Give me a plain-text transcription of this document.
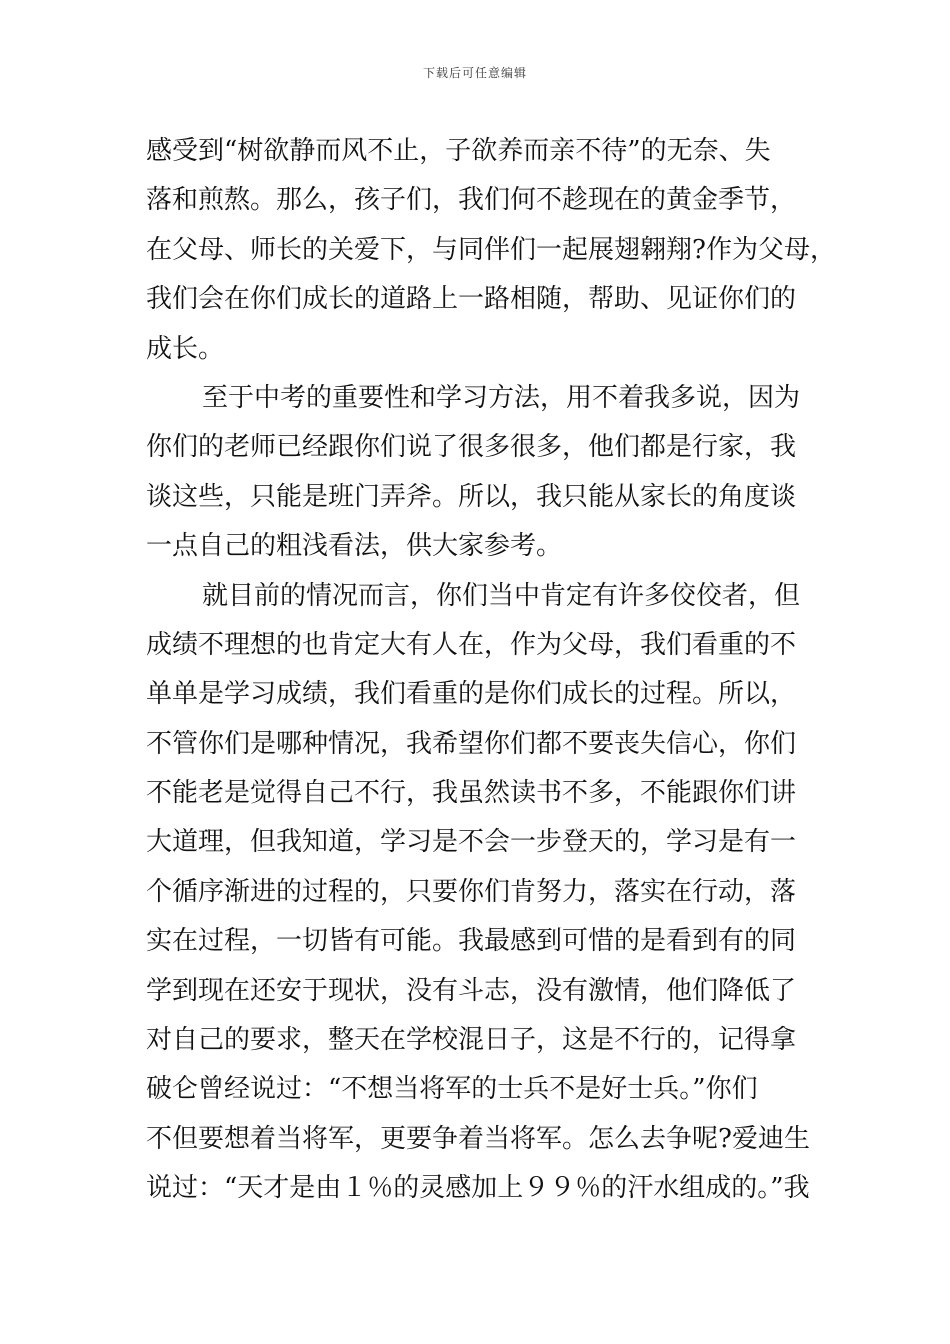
下载后可任意编辑
感受到“树欲静而风不止，子欲养而亲不待”的无奈、失
落和煎熬。那么，孩子们，我们何不趁现在的黄金季节，
在父母、师长的关爱下，与同伴们一起展翅翱翔?作为父母，
我们会在你们成长的道路上一路相随，帮助、见证你们的
成长。
至于中考的重要性和学习方法，用不着我多说，因为
你们的老师已经跟你们说了很多很多，他们都是行家，我
谈这些，只能是班门弄斧。所以，我只能从家长的角度谈
一点自己的粗浅看法，供大家参考。
就目前的情况而言，你们当中肯定有许多佼佼者，但
成绩不理想的也肯定大有人在，作为父母，我们看重的不
单单是学习成绩，我们看重的是你们成长的过程。所以，
不管你们是哪种情况，我希望你们都不要丧失信心，你们
不能老是觉得自己不行，我虽然读书不多，不能跟你们讲
大道理，但我知道，学习是不会一步登天的，学习是有一
个循序渐进的过程的，只要你们肯努力，落实在行动，落
实在过程，一切皆有可能。我最感到可惜的是看到有的同
学到现在还安于现状，没有斗志，没有激情，他们降低了
对自己的要求，整天在学校混日子，这是不行的，记得拿
破仑曾经说过：“不想当将军的士兵不是好士兵。”你们
不但要想着当将军，更要争着当将军。怎么去争呢?爱迪生
说过：“天才是由１％的灵感加上９９％的汗水组成的。”我
